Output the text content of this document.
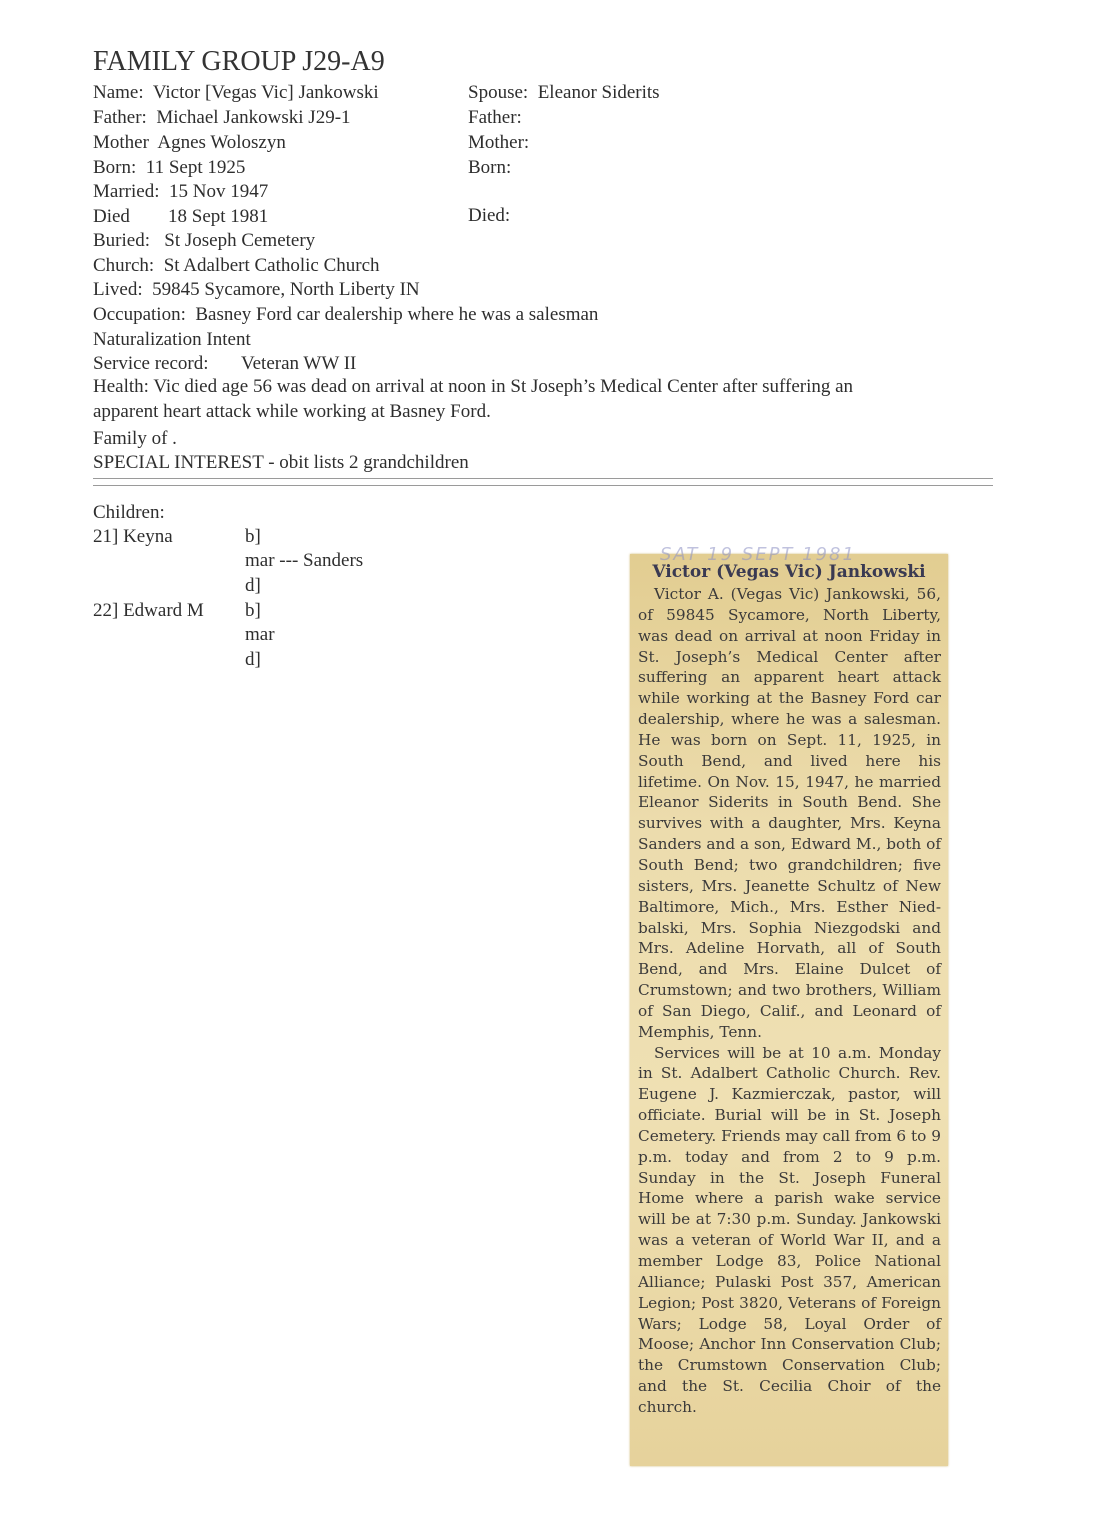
FAMILY GROUP J29-A9
Name: Victor [Vegas Vic] Jankowski
Father: Michael Jankowski J29-1
Mother Agnes Woloszyn
Born: 11 Sept 1925
Married: 15 Nov 1947
Died 18 Sept 1981
Buried: St Joseph Cemetery
Church: St Adalbert Catholic Church
Lived: 59845 Sycamore, North Liberty IN
Occupation: Basney Ford car dealership where he was a salesman
Naturalization Intent
Service record: Veteran WW II
Health: Vic died age 56 was dead on arrival at noon in St Joseph’s Medical Center after suffering an
apparent heart attack while working at Basney Ford.
Family of .
SPECIAL INTEREST - obit lists 2 grandchildren
Spouse: Eleanor Siderits
Father:
Mother:
Born:
Died:
Children:
21] Keyna	b]
mar --- Sanders
d]
22] Edward M b]
mar
d]
SAT 19 SEPT 1981
Victor (Vegas Vic) Jankowski

Victor A. (Vegas Vic) Jankowski, 56, of 59845 Sycamore, North Liberty, was dead on arrival at noon Friday in St. Joseph’s Medical Center after suffering an apparent heart attack while working at the Basney Ford car dealership, where he was a salesman. He was born on Sept. 11, 1925, in South Bend, and lived here his lifetime. On Nov. 15, 1947, he married Eleanor Siderits in South Bend. She survives with a daughter, Mrs. Keyna Sanders and a son, Edward M., both of South Bend; two grandchildren; five sisters, Mrs. Jeanette Schultz of New Baltimore, Mich., Mrs. Esther Niedbalski, Mrs. Sophia Niezgodski and Mrs. Adeline Horvath, all of South Bend, and Mrs. Elaine Dulcet of Crumstown; and two brothers, William of San Diego, Calif., and Leonard of Memphis, Tenn.

Services will be at 10 a.m. Monday in St. Adalbert Catholic Church. Rev. Eugene J. Kazmierczak, pastor, will officiate. Burial will be in St. Joseph Cemetery. Friends may call from 6 to 9 p.m. today and from 2 to 9 p.m. Sunday in the St. Joseph Funeral Home where a parish wake service will be at 7:30 p.m. Sunday. Jankowski was a veteran of World War II, and a member Lodge 83, Police National Alliance; Pulaski Post 357, American Legion; Post 3820, Veterans of Foreign Wars; Lodge 58, Loyal Order of Moose; Anchor Inn Conservation Club; the Crumstown Conservation Club; and the St. Cecilia Choir of the church.
